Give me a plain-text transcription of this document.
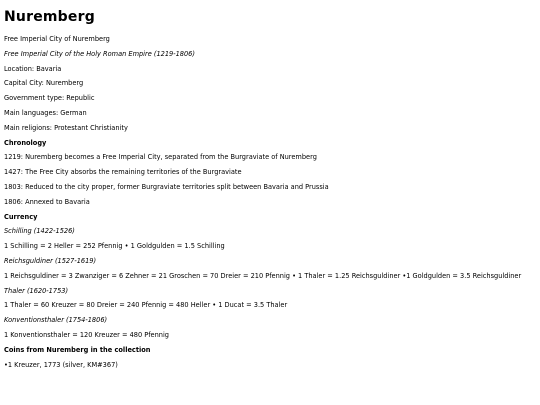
Nuremberg
Free Imperial City of Nuremberg
Free Imperial City of the Holy Roman Empire (1219-1806)
Location: Bavaria
Capital City: Nuremberg
Government type: Republic
Main languages: German
Main religions: Protestant Christianity
Chronology
1219: Nuremberg becomes a Free Imperial City, separated from the Burgraviate of Nuremberg
1427: The Free City absorbs the remaining territories of the Burgraviate
1803: Reduced to the city proper, former Burgraviate territories split between Bavaria and Prussia
1806: Annexed to Bavaria
Currency
Schilling (1422-1526)
1 Schilling = 2 Heller = 252 Pfennig • 1 Goldgulden = 1.5 Schilling
Reichsguldiner (1527-1619)
1 Reichsguldiner = 3 Zwanziger = 6 Zehner = 21 Groschen = 70 Dreier = 210 Pfennig • 1 Thaler = 1.25 Reichsguldiner •1 Goldgulden = 3.5 Reichsguldiner
Thaler (1620-1753)
1 Thaler = 60 Kreuzer = 80 Dreier = 240 Pfennig = 480 Heller • 1 Ducat = 3.5 Thaler
Konventionsthaler (1754-1806)
1 Konventionsthaler = 120 Kreuzer = 480 Pfennig
Coins from Nuremberg in the collection
•1 Kreuzer, 1773 (silver, KM#367)
